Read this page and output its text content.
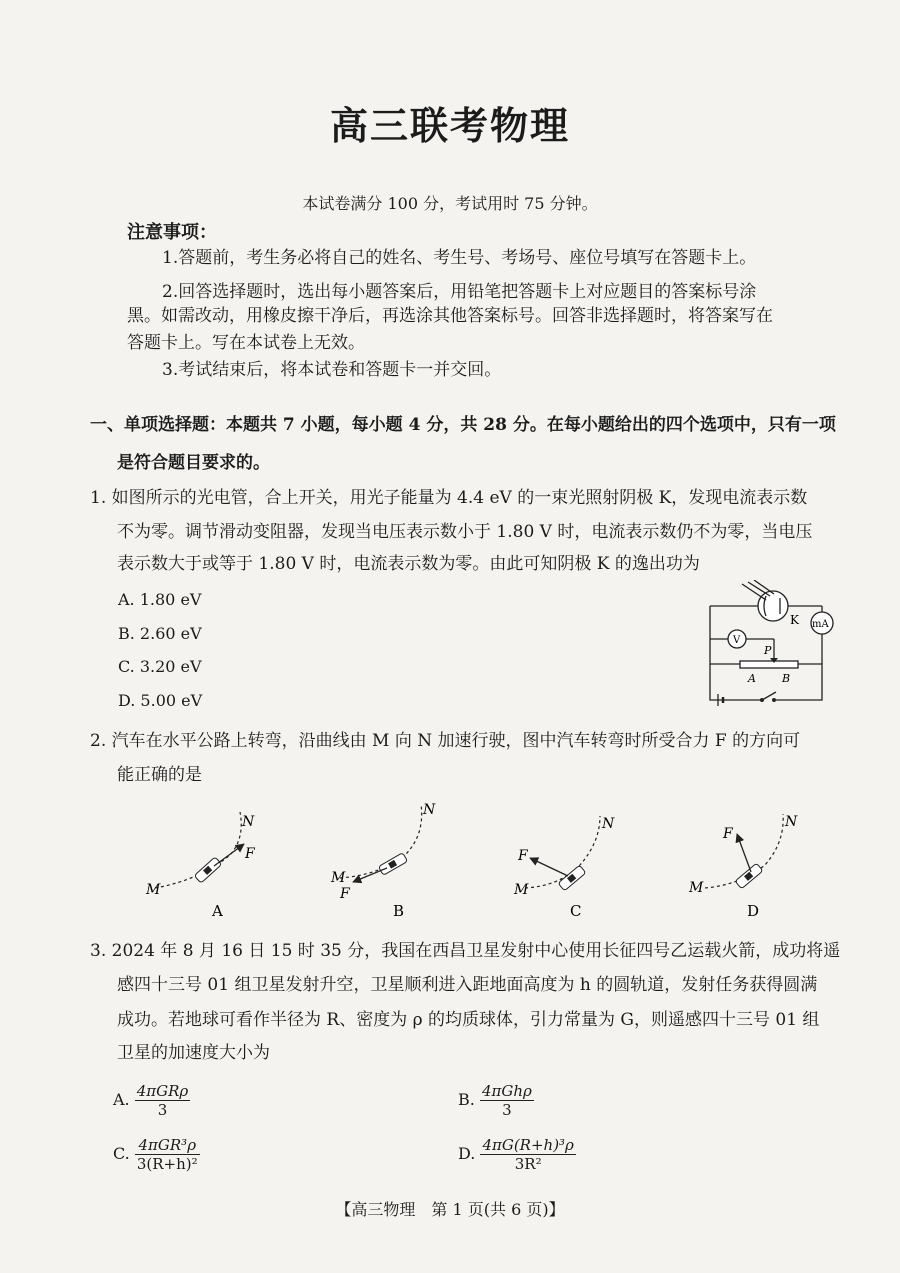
高三联考物理
本试卷满分 100 分，考试用时 75 分钟。
注意事项：
1.答题前，考生务必将自己的姓名、考生号、考场号、座位号填写在答题卡上。
2.回答选择题时，选出每小题答案后，用铅笔把答题卡上对应题目的答案标号涂
黑。如需改动，用橡皮擦干净后，再选涂其他答案标号。回答非选择题时，将答案写在
答题卡上。写在本试卷上无效。
3.考试结束后，将本试卷和答题卡一并交回。
一、单项选择题：本题共 7 小题，每小题 4 分，共 28 分。在每小题给出的四个选项中，只有一项
是符合题目要求的。
1. 如图所示的光电管，合上开关，用光子能量为 4.4 eV 的一束光照射阴极 K，发现电流表示数
不为零。调节滑动变阻器，发现当电压表示数小于 1.80 V 时，电流表示数仍不为零，当电压
表示数大于或等于 1.80 V 时，电流表示数为零。由此可知阴极 K 的逸出功为
A. 1.80 eV
B. 2.60 eV
C. 3.20 eV
D. 5.00 eV
K mA
V
P
A B
2. 汽车在水平公路上转弯，沿曲线由 M 向 N 加速行驶，图中汽车转弯时所受合力 F 的方向可
能正确的是
M
N
F
A
M
N
F
B
M
N
F
C
M
N
F
D
3. 2024 年 8 月 16 日 15 时 35 分，我国在西昌卫星发射中心使用长征四号乙运载火箭，成功将遥
感四十三号 01 组卫星发射升空，卫星顺利进入距地面高度为 h 的圆轨道，发射任务获得圆满
成功。若地球可看作半径为 R、密度为 ρ 的均质球体，引力常量为 G，则遥感四十三号 01 组
卫星的加速度大小为
A. $\frac{\text{4πGRρ}}{3}$	B. $\frac{\text{4πGhρ}}{3}$
C. $\frac{\text{4πGR³ρ}}{\text{3(R+h)²}}$	D. $\frac{\text{4πG(R+h)³ρ}}{\text{3R²}}$
【高三物理　第 1 页(共 6 页)】
